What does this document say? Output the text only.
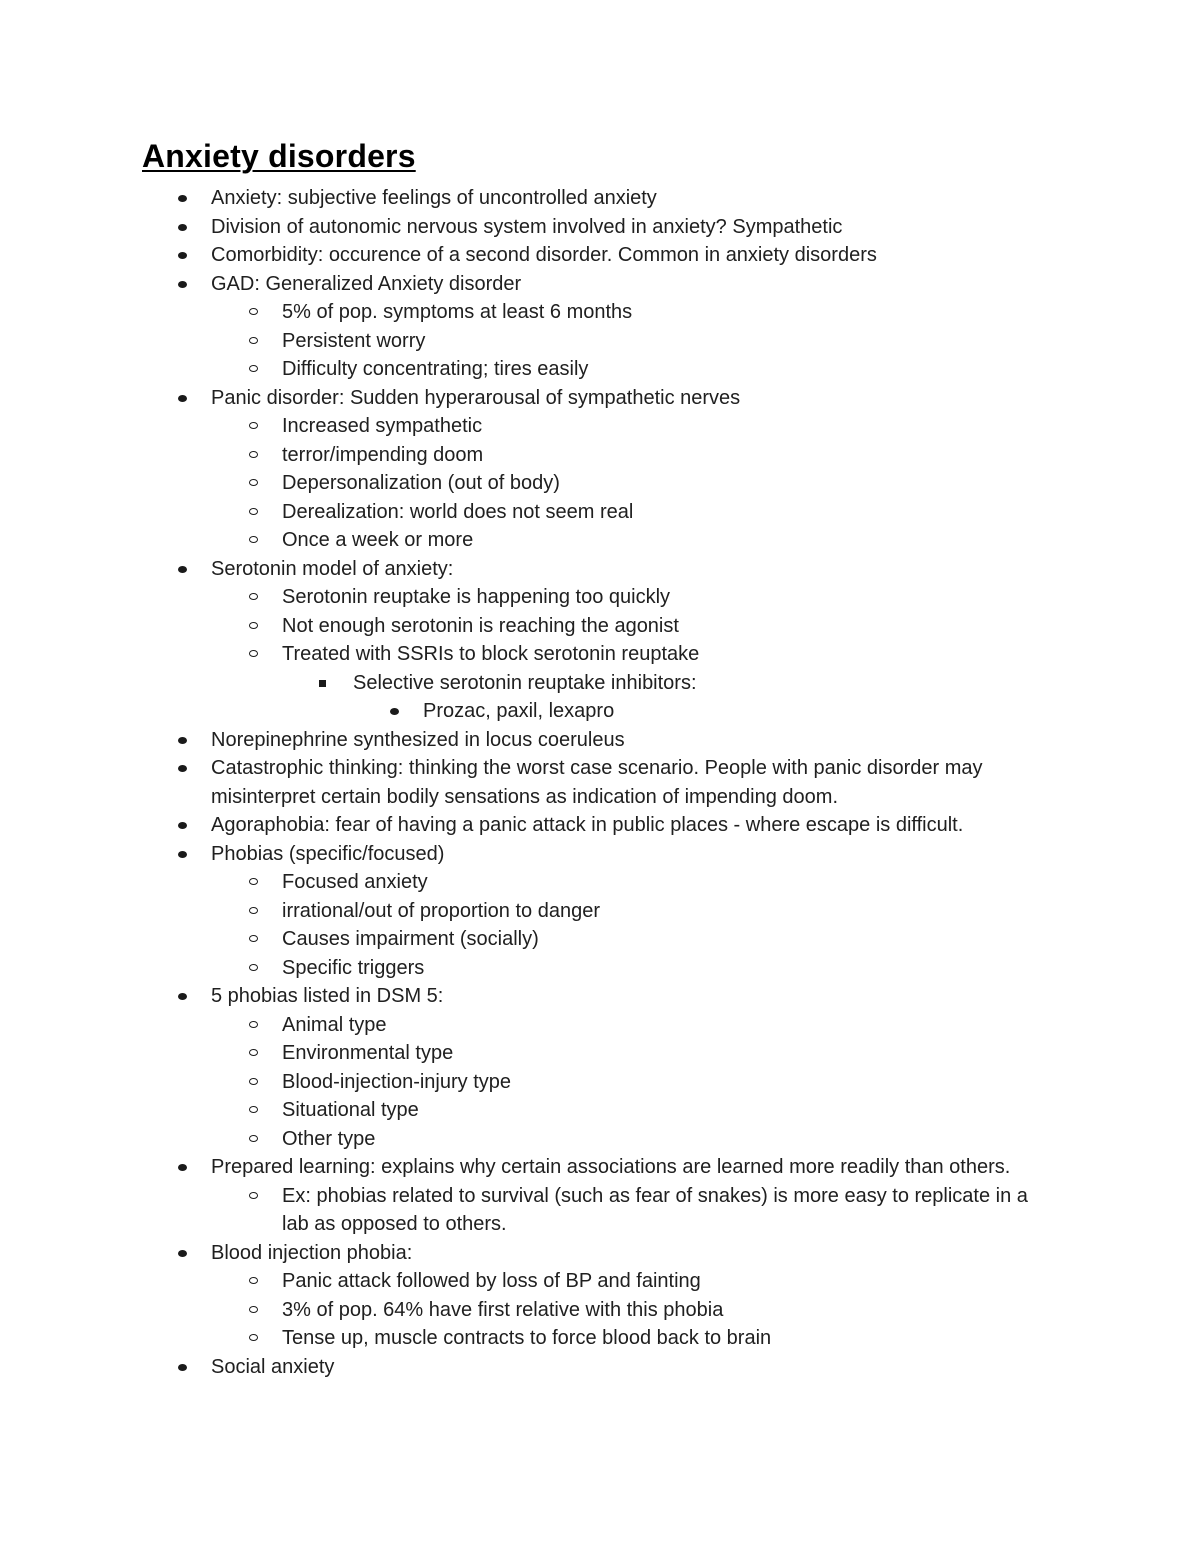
Anxiety disorders
Anxiety: subjective feelings of uncontrolled anxiety
Division of autonomic nervous system involved in anxiety? Sympathetic
Comorbidity: occurence of a second disorder. Common in anxiety disorders
GAD: Generalized Anxiety disorder
5% of pop. symptoms at least 6 months
Persistent worry
Difficulty concentrating; tires easily
Panic disorder: Sudden hyperarousal of sympathetic nerves
Increased sympathetic
terror/impending doom
Depersonalization (out of body)
Derealization: world does not seem real
Once a week or more
Serotonin model of anxiety:
Serotonin reuptake is happening too quickly
Not enough serotonin is reaching the agonist
Treated with SSRIs to block serotonin reuptake
Selective serotonin reuptake inhibitors:
Prozac, paxil, lexapro
Norepinephrine synthesized in locus coeruleus
Catastrophic thinking: thinking the worst case scenario. People with panic disorder may misinterpret certain bodily sensations as indication of impending doom.
Agoraphobia: fear of having a panic attack in public places - where escape is difficult.
Phobias (specific/focused)
Focused anxiety
irrational/out of proportion to danger
Causes impairment (socially)
Specific triggers
5 phobias listed in DSM 5:
Animal type
Environmental type
Blood-injection-injury type
Situational type
Other type
Prepared learning: explains why certain associations are learned more readily than others.
Ex: phobias related to survival (such as fear of snakes) is more easy to replicate in a lab as opposed to others.
Blood injection phobia:
Panic attack followed by loss of BP and fainting
3% of pop. 64% have first relative with this phobia
Tense up, muscle contracts to force blood back to brain
Social anxiety
